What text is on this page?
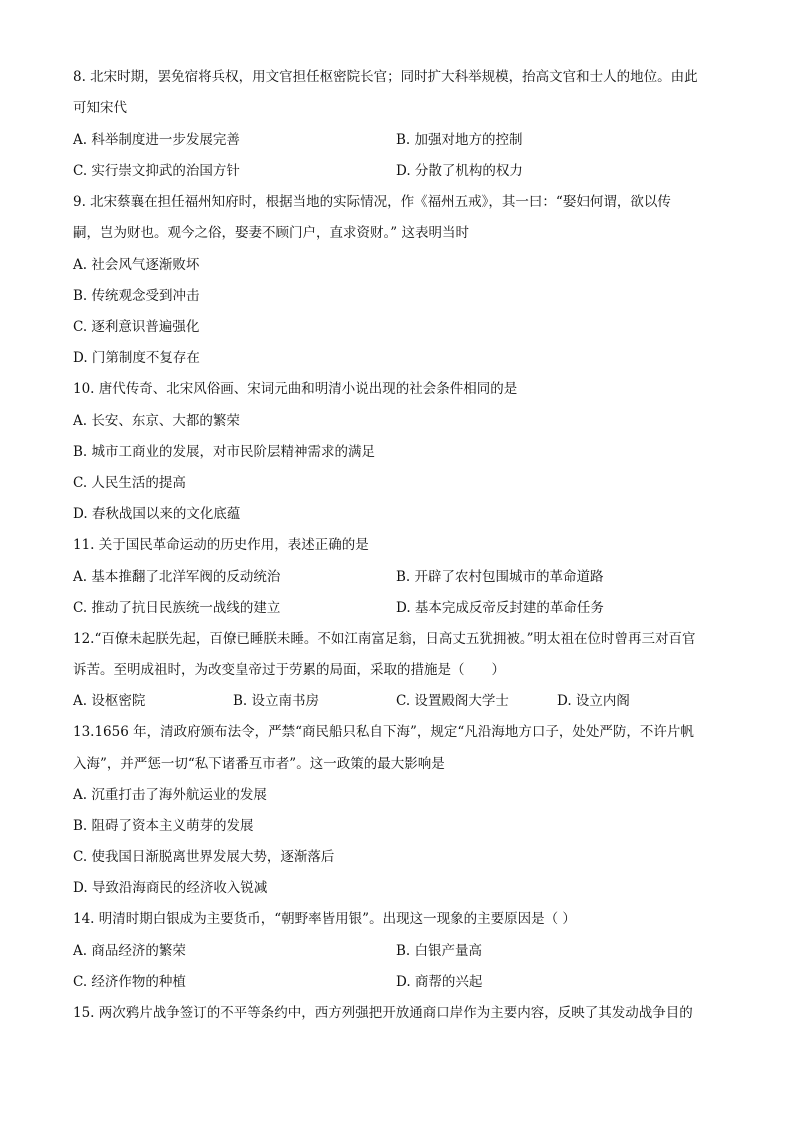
8. 北宋时期，罢免宿将兵权，用文官担任枢密院长官；同时扩大科举规模，抬高文官和士人的地位。由此
可知宋代
A. 科举制度进一步发展完善	B. 加强对地方的控制
C. 实行崇文抑武的治国方针	D. 分散了机构的权力
9. 北宋蔡襄在担任福州知府时，根据当地的实际情况，作《福州五戒》，其一曰：“娶妇何谓，欲以传
嗣，岂为财也。观今之俗，娶妻不顾门户，直求资财。” 这表明当时
A. 社会风气逐渐败坏
B. 传统观念受到冲击
C. 逐利意识普遍强化
D. 门第制度不复存在
10. 唐代传奇、北宋风俗画、宋词元曲和明清小说出现的社会条件相同的是
A. 长安、东京、大都的繁荣
B. 城市工商业的发展，对市民阶层精神需求的满足
C. 人民生活的提高
D. 春秋战国以来的文化底蕴
11. 关于国民革命运动的历史作用，表述正确的是
A. 基本推翻了北洋军阀的反动统治	B. 开辟了农村包围城市的革命道路
C. 推动了抗日民族统一战线的建立	D. 基本完成反帝反封建的革命任务
12.“百僚未起朕先起，百僚已睡朕未睡。不如江南富足翁，日高丈五犹拥被。”明太祖在位时曾再三对百官
诉苦。至明成祖时，为改变皇帝过于劳累的局面，采取的措施是（　　）
A. 设枢密院	B. 设立南书房	C. 设置殿阁大学士	D. 设立内阁
13.1656 年，清政府颁布法令，严禁“商民船只私自下海”，规定“凡沿海地方口子，处处严防，不许片帆
入海”，并严惩一切“私下诸番互市者”。这一政策的最大影响是
A. 沉重打击了海外航运业的发展
B. 阻碍了资本主义萌芽的发展
C. 使我国日渐脱离世界发展大势，逐渐落后
D. 导致沿海商民的经济收入锐减
14. 明清时期白银成为主要货币，“朝野率皆用银”。出现这一现象的主要原因是（ ）
A. 商品经济的繁荣	B. 白银产量高
C. 经济作物的种植	D. 商帮的兴起
15. 两次鸦片战争签订的不平等条约中，西方列强把开放通商口岸作为主要内容，反映了其发动战争目的
